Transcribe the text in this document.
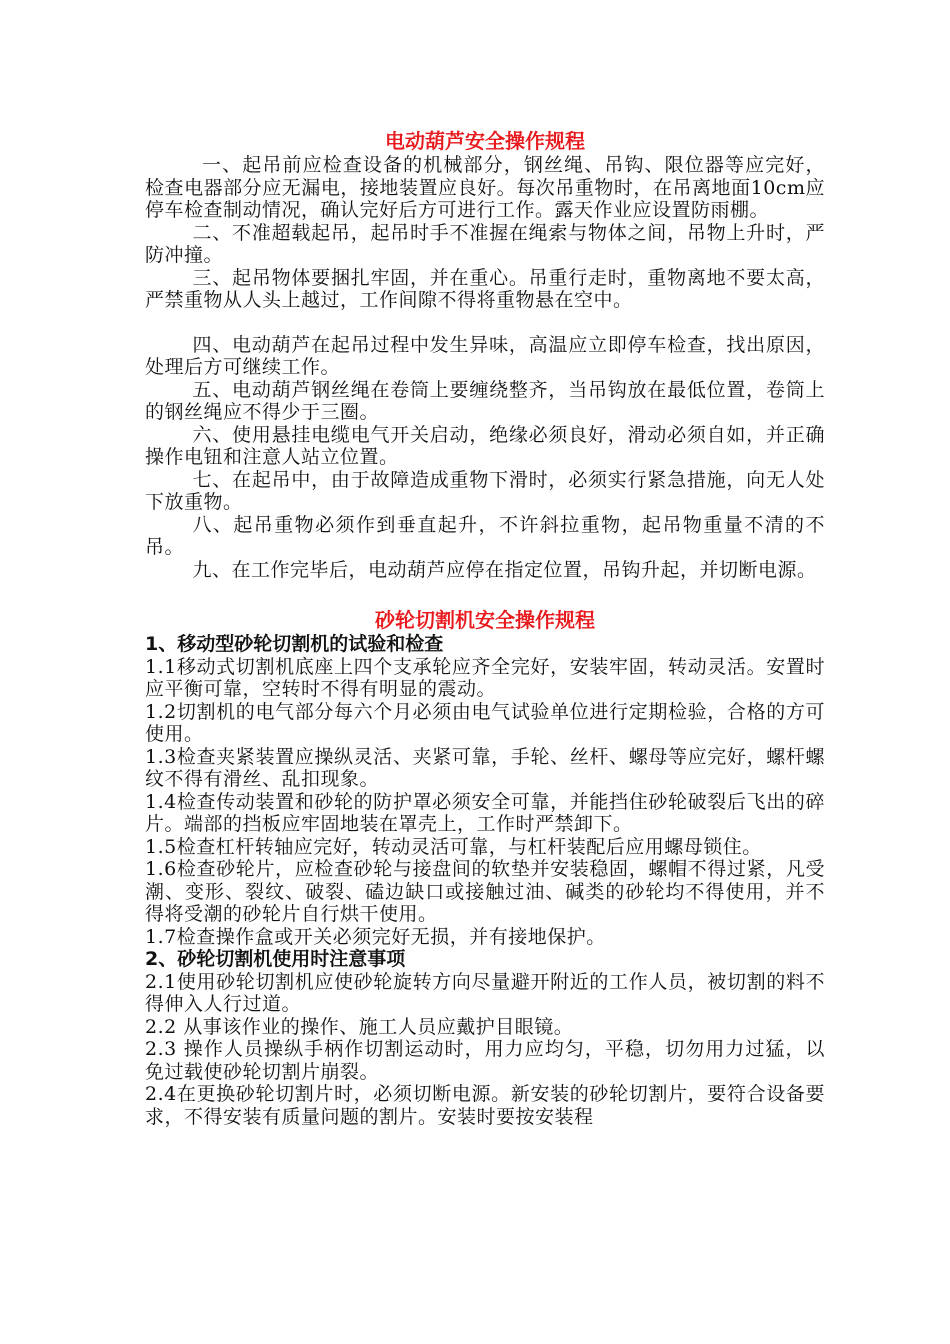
电动葫芦安全操作规程

一、起吊前应检查设备的机械部分，钢丝绳、吊钩、限位器等应完好，检查电器部分应无漏电，接地装置应良好。每次吊重物时，在吊离地面10cm应停车检查制动情况，确认完好后方可进行工作。露天作业应设置防雨棚。

二、不准超载起吊，起吊时手不准握在绳索与物体之间，吊物上升时，严防冲撞。

三、起吊物体要捆扎牢固，并在重心。吊重行走时，重物离地不要太高，严禁重物从人头上越过，工作间隙不得将重物悬在空中。

四、电动葫芦在起吊过程中发生异味，高温应立即停车检查，找出原因，处理后方可继续工作。

五、电动葫芦钢丝绳在卷筒上要缠绕整齐，当吊钩放在最低位置，卷筒上的钢丝绳应不得少于三圈。

六、使用悬挂电缆电气开关启动，绝缘必须良好，滑动必须自如，并正确操作电钮和注意人站立位置。

七、在起吊中，由于故障造成重物下滑时，必须实行紧急措施，向无人处下放重物。

八、起吊重物必须作到垂直起升，不许斜拉重物，起吊物重量不清的不吊。

九、在工作完毕后，电动葫芦应停在指定位置，吊钩升起，并切断电源。

砂轮切割机安全操作规程

1、移动型砂轮切割机的试验和检查

1.1移动式切割机底座上四个支承轮应齐全完好，安装牢固，转动灵活。安置时应平衡可靠，空转时不得有明显的震动。

1.2切割机的电气部分每六个月必须由电气试验单位进行定期检验，合格的方可使用。

1.3检查夹紧装置应操纵灵活、夹紧可靠，手轮、丝杆、螺母等应完好，螺杆螺纹不得有滑丝、乱扣现象。

1.4检查传动装置和砂轮的防护罩必须安全可靠，并能挡住砂轮破裂后飞出的碎片。端部的挡板应牢固地装在罩壳上，工作时严禁卸下。

1.5检查杠杆转轴应完好，转动灵活可靠，与杠杆装配后应用螺母锁住。

1.6检查砂轮片，应检查砂轮与接盘间的软垫并安装稳固，螺帽不得过紧，凡受潮、变形、裂纹、破裂、磕边缺口或接触过油、碱类的砂轮均不得使用，并不得将受潮的砂轮片自行烘干使用。

1.7检查操作盒或开关必须完好无损，并有接地保护。

2、砂轮切割机使用时注意事项

2.1使用砂轮切割机应使砂轮旋转方向尽量避开附近的工作人员，被切割的料不得伸入人行过道。

2.2 从事该作业的操作、施工人员应戴护目眼镜。

2.3 操作人员操纵手柄作切割运动时，用力应均匀，平稳，切勿用力过猛，以免过载使砂轮切割片崩裂。

2.4在更换砂轮切割片时，必须切断电源。新安装的砂轮切割片，要符合设备要求，不得安装有质量问题的割片。安装时要按安装程
